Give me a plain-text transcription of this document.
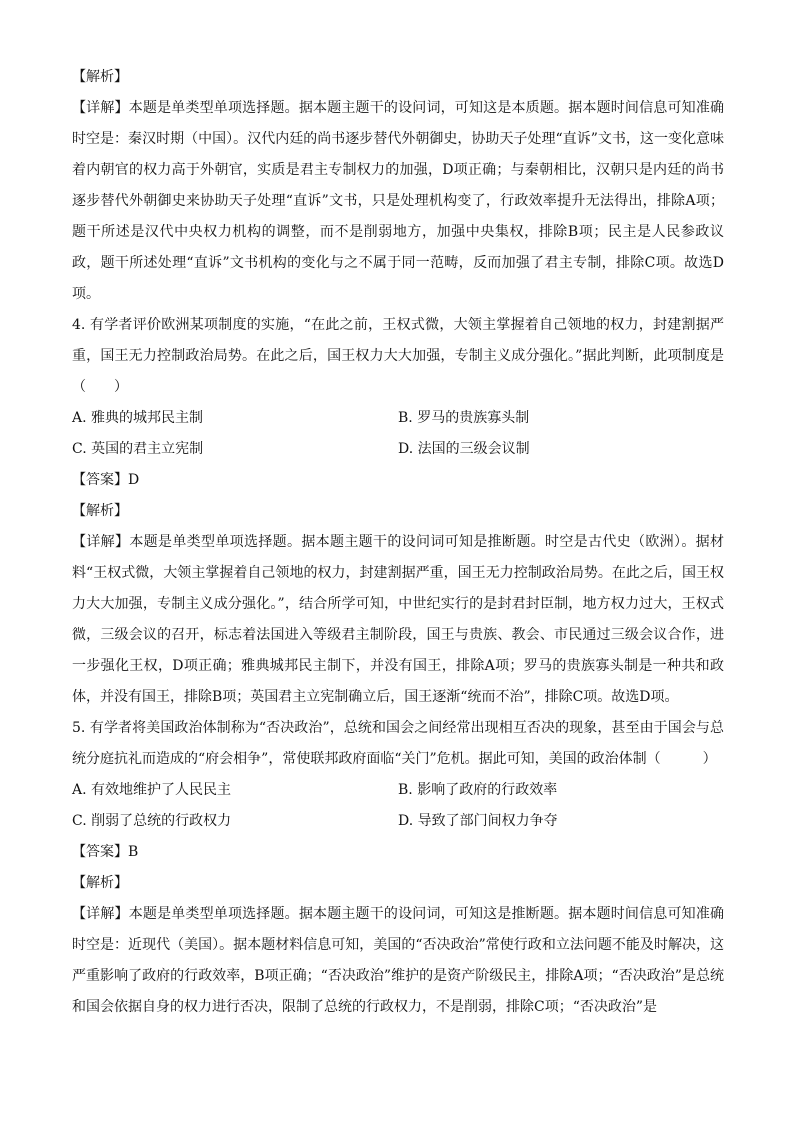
【解析】

【详解】本题是单类型单项选择题。据本题主题干的设问词，可知这是本质题。据本题时间信息可知准确时空是：秦汉时期（中国）。汉代内廷的尚书逐步替代外朝御史，协助天子处理“直诉”文书，这一变化意味着内朝官的权力高于外朝官，实质是君主专制权力的加强，D项正确；与秦朝相比，汉朝只是内廷的尚书逐步替代外朝御史来协助天子处理“直诉”文书，只是处理机构变了，行政效率提升无法得出，排除A项；题干所述是汉代中央权力机构的调整，而不是削弱地方，加强中央集权，排除B项；民主是人民参政议政，题干所述处理“直诉”文书机构的变化与之不属于同一范畴，反而加强了君主专制，排除C项。故选D项。

4. 有学者评价欧洲某项制度的实施，“在此之前，王权式微，大领主掌握着自己领地的权力，封建割据严重，国王无力控制政治局势。在此之后，国王权力大大加强，专制主义成分强化。”据此判断，此项制度是（　　）

A. 雅典的城邦民主制	B. 罗马的贵族寡头制
C. 英国的君主立宪制	D. 法国的三级会议制

【答案】D

【解析】

【详解】本题是单类型单项选择题。据本题主题干的设问词可知是推断题。时空是古代史（欧洲）。据材料“王权式微，大领主掌握着自己领地的权力，封建割据严重，国王无力控制政治局势。在此之后，国王权力大大加强，专制主义成分强化。”，结合所学可知，中世纪实行的是封君封臣制，地方权力过大，王权式微，三级会议的召开，标志着法国进入等级君主制阶段，国王与贵族、教会、市民通过三级会议合作，进一步强化王权，D项正确；雅典城邦民主制下，并没有国王，排除A项；罗马的贵族寡头制是一种共和政体，并没有国王，排除B项；英国君主立宪制确立后，国王逐渐“统而不治”，排除C项。故选D项。

5. 有学者将美国政治体制称为“否决政治”，总统和国会之间经常出现相互否决的现象，甚至由于国会与总统分庭抗礼而造成的“府会相争”，常使联邦政府面临“关门”危机。据此可知，美国的政治体制（　　　）

A. 有效地维护了人民民主	B. 影响了政府的行政效率
C. 削弱了总统的行政权力	D. 导致了部门间权力争夺

【答案】B

【解析】

【详解】本题是单类型单项选择题。据本题主题干的设问词，可知这是推断题。据本题时间信息可知准确时空是：近现代（美国）。据本题材料信息可知，美国的“否决政治”常使行政和立法问题不能及时解决，这严重影响了政府的行政效率，B项正确；“否决政治”维护的是资产阶级民主，排除A项；“否决政治”是总统和国会依据自身的权力进行否决，限制了总统的行政权力，不是削弱，排除C项；“否决政治”是
